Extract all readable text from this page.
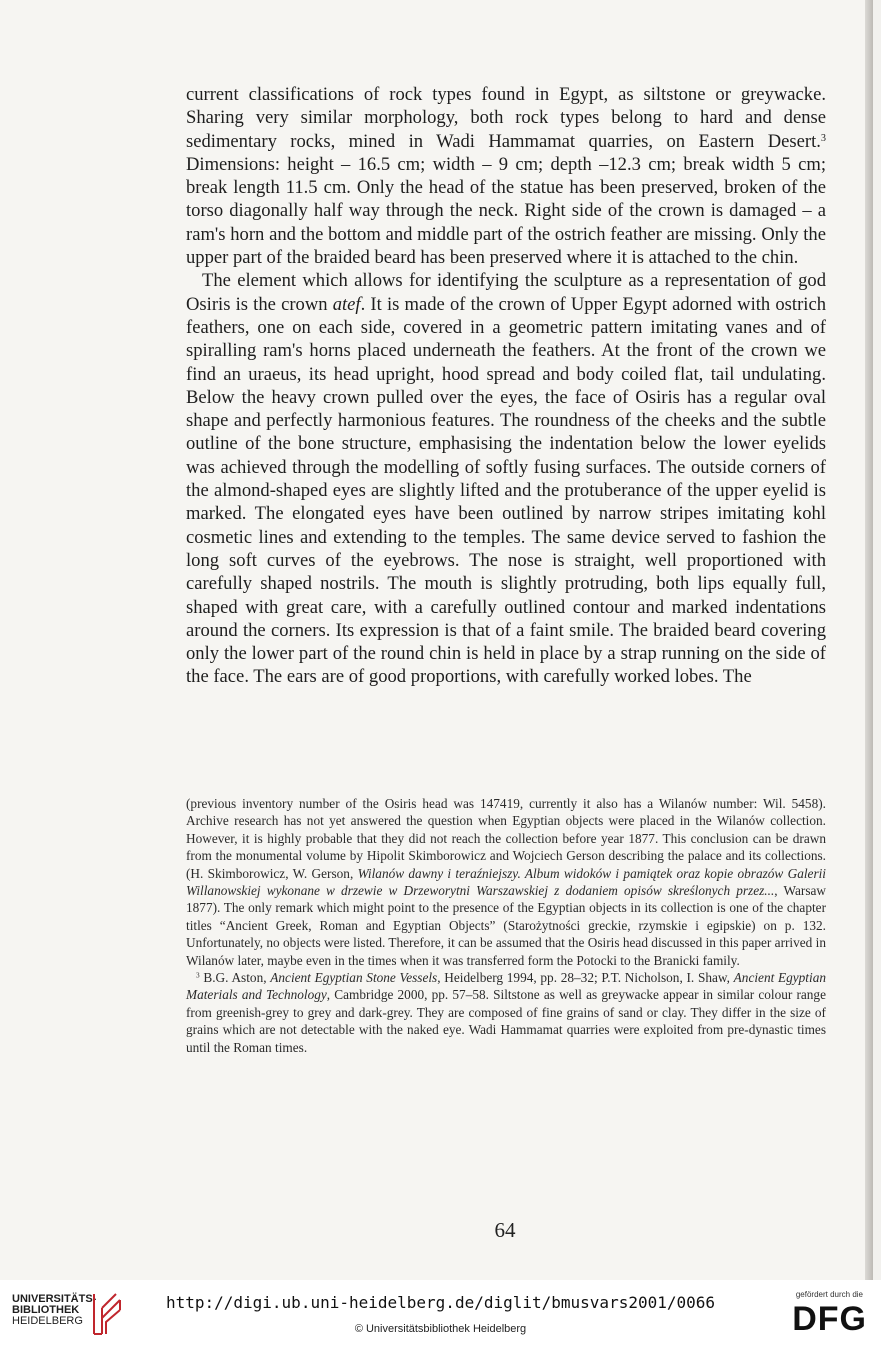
current classifications of rock types found in Egypt, as siltstone or greywacke. Sharing very similar morphology, both rock types belong to hard and dense sedimentary rocks, mined in Wadi Hammamat quarries, on Eastern Desert.$^3$ Dimensions: height – 16.5 cm; width – 9 cm; depth –12.3 cm; break width 5 cm; break length 11.5 cm. Only the head of the statue has been preserved, broken of the torso diagonally half way through the neck. Right side of the crown is damaged – a ram's horn and the bottom and middle part of the ostrich feather are missing. Only the upper part of the braided beard has been preserved where it is attached to the chin.

The element which allows for identifying the sculpture as a representation of god Osiris is the crown atef. It is made of the crown of Upper Egypt adorned with ostrich feathers, one on each side, covered in a geometric pattern imitating vanes and of spiralling ram's horns placed underneath the feathers. At the front of the crown we find an uraeus, its head upright, hood spread and body coiled flat, tail undulating. Below the heavy crown pulled over the eyes, the face of Osiris has a regular oval shape and perfectly harmonious features. The roundness of the cheeks and the subtle outline of the bone structure, emphasising the indentation below the lower eyelids was achieved through the modelling of softly fusing surfaces. The outside corners of the almond-shaped eyes are slightly lifted and the protuberance of the upper eyelid is marked. The elongated eyes have been outlined by narrow stripes imitating kohl cosmetic lines and extending to the temples. The same device served to fashion the long soft curves of the eyebrows. The nose is straight, well proportioned with carefully shaped nostrils. The mouth is slightly protruding, both lips equally full, shaped with great care, with a carefully outlined contour and marked indentations around the corners. Its expression is that of a faint smile. The braided beard covering only the lower part of the round chin is held in place by a strap running on the side of the face. The ears are of good proportions, with carefully worked lobes. The

(previous inventory number of the Osiris head was 147419, currently it also has a Wilanów number: Wil. 5458). Archive research has not yet answered the question when Egyptian objects were placed in the Wilanów collection. However, it is highly probable that they did not reach the collection before year 1877. This conclusion can be drawn from the monumental volume by Hipolit Skimborowicz and Wojciech Gerson describing the palace and its collections. (H. Skimborowicz, W. Gerson, Wilanów dawny i teraźniejszy. Album widoków i pamiątek oraz kopie obrazów Galerii Willanowskiej wykonane w drzewie w Drzeworytni Warszawskiej z dodaniem opisów skreślonych przez..., Warsaw 1877). The only remark which might point to the presence of the Egyptian objects in its collection is one of the chapter titles “Ancient Greek, Roman and Egyptian Objects” (Starożytności greckie, rzymskie i egipskie) on p. 132. Unfortunately, no objects were listed. Therefore, it can be assumed that the Osiris head discussed in this paper arrived in Wilanów later, maybe even in the times when it was transferred form the Potocki to the Branicki family.

$^3$ B.G. Aston, Ancient Egyptian Stone Vessels, Heidelberg 1994, pp. 28–32; P.T. Nicholson, I. Shaw, Ancient Egyptian Materials and Technology, Cambridge 2000, pp. 57–58. Siltstone as well as greywacke appear in similar colour range from greenish-grey to grey and dark-grey. They are composed of fine grains of sand or clay. They differ in the size of grains which are not detectable with the naked eye. Wadi Hammamat quarries were exploited from pre-dynastic times until the Roman times.

64
UNIVERSITÄTS-
BIBLIOTHEK
HEIDELBERG
http://digi.ub.uni-heidelberg.de/diglit/bmusvars2001/0066
© Universitätsbibliothek Heidelberg
gefördert durch die
DFG
